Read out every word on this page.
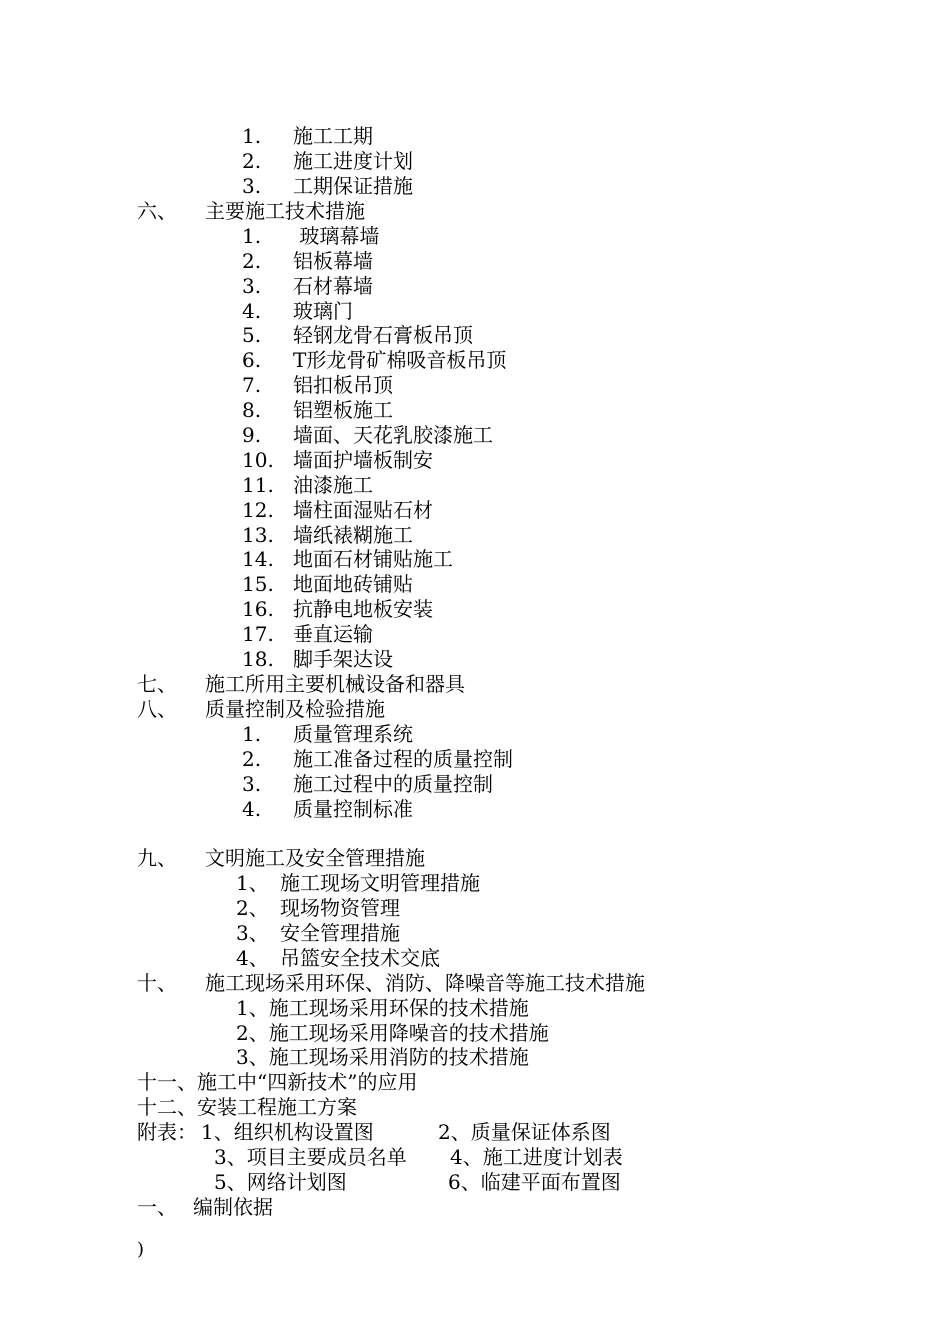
1. 施工工期
2. 施工进度计划
3. 工期保证措施
六、 主要施工技术措施
1. 玻璃幕墙
2. 铝板幕墙
3. 石材幕墙
4. 玻璃门
5. 轻钢龙骨石膏板吊顶
6. T形龙骨矿棉吸音板吊顶
7. 铝扣板吊顶
8. 铝塑板施工
9. 墙面、天花乳胶漆施工
10. 墙面护墙板制安
11. 油漆施工
12. 墙柱面湿贴石材
13. 墙纸裱糊施工
14. 地面石材铺贴施工
15. 地面地砖铺贴
16. 抗静电地板安装
17. 垂直运输
18. 脚手架达设
七、 施工所用主要机械设备和器具
八、 质量控制及检验措施
1. 质量管理系统
2. 施工准备过程的质量控制
3. 施工过程中的质量控制
4. 质量控制标准
九、 文明施工及安全管理措施
1、 施工现场文明管理措施
2、 现场物资管理
3、 安全管理措施
4、 吊篮安全技术交底
十、 施工现场采用环保、消防、降噪音等施工技术措施
1、施工现场采用环保的技术措施
2、施工现场采用降噪音的技术措施
3、施工现场采用消防的技术措施
十一、施工中“四新技术”的应用
十二、安装工程施工方案
附表： 1、组织机构设置图	2、质量保证体系图
3、项目主要成员名单 4、施工进度计划表
5、网络计划图	6、临建平面布置图
一、 编制依据
)
